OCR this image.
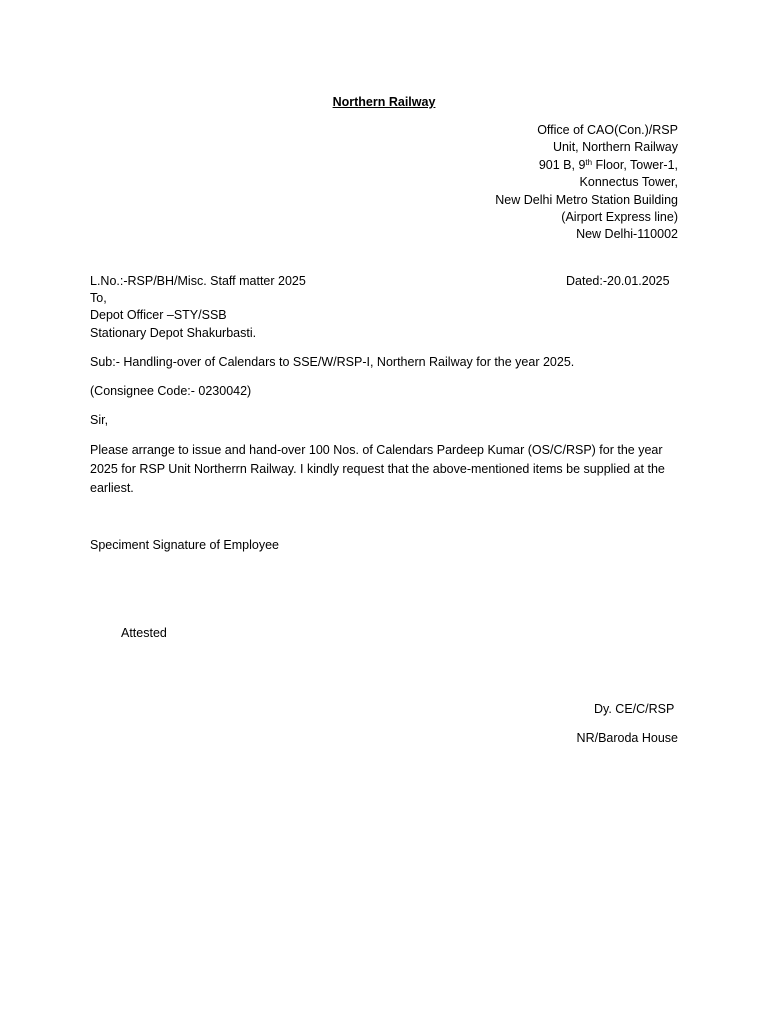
Northern Railway
Office of CAO(Con.)/RSP
Unit, Northern Railway
901 B, 9th Floor, Tower-1,
Konnectus Tower,
New Delhi Metro Station Building
(Airport Express line)
New Delhi-110002
L.No.:-RSP/BH/Misc. Staff matter 2025	Dated:-20.01.2025
To,
Depot Officer –STY/SSB
Stationary Depot Shakurbasti.
Sub:- Handling-over of Calendars to SSE/W/RSP-I, Northern Railway for the year 2025.
(Consignee Code:- 0230042)
Sir,
Please arrange to issue and hand-over 100 Nos. of Calendars Pardeep Kumar (OS/C/RSP) for the year 2025 for RSP Unit Northerrn Railway. I kindly request that the above-mentioned items be supplied at the earliest.
Speciment Signature of Employee
Attested
Dy. CE/C/RSP
NR/Baroda House
